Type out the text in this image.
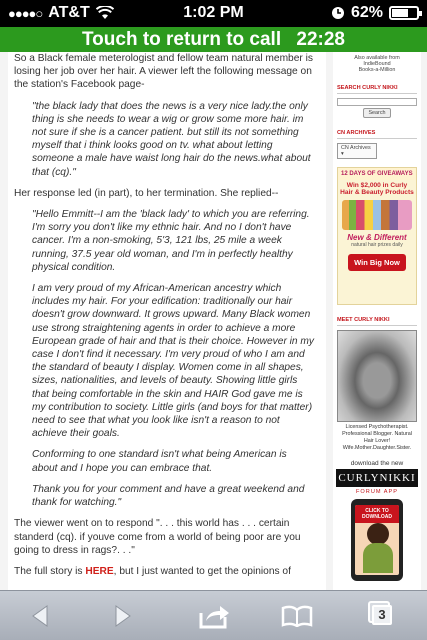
●●●●○ AT&T	1:02 PM	62%
Touch to return to call 22:28

So a Black female meterologist and fellow team natural member is losing her job over her hair. A viewer left the following message on the station's Facebook page-

"the black lady that does the news is a very nice lady.the only thing is she needs to wear a wig or grow some more hair. im not sure if she is a cancer patient. but still its not something myself that i think looks good on tv. what about letting someone a male have waist long hair do the news.what about that (cq)."

Her response led (in part), to her termination. She replied--

"Hello Emmitt--I am the 'black lady' to which you are referring. I'm sorry you don't like my ethnic hair. And no I don't have cancer. I'm a non-smoking, 5'3, 121 lbs, 25 mile a week running, 37.5 year old woman, and I'm in perfectly healthy physical condition.

I am very proud of my African-American ancestry which includes my hair. For your edification: traditionally our hair doesn't grow downward. It grows upward. Many Black women use strong straightening agents in order to achieve a more European grade of hair and that is their choice. However in my case I don't find it necessary. I'm very proud of who I am and the standard of beauty I display. Women come in all shapes, sizes, nationalities, and levels of beauty. Showing little girls that being comfortable in the skin and HAIR God gave me is my contribution to society. Little girls (and boys for that matter) need to see that what you look like isn't a reason to not achieve their goals.

Conforming to one standard isn't what being American is about and I hope you can embrace that.

Thank you for your comment and have a great weekend and thank for watching."

The viewer went on to respond ". . . this world has . . . certain standerd (cq). if youve come from a world of being poor are you going to dress in rags?. . ."

The full story is HERE, but I just wanted to get the opinions of

Also available from
IndieBound
Books-a-Million
SEARCH CURLY NIKKI
Search
CN ARCHIVES
CN Archives ▾
12 DAYS OF GIVEAWAYS
Win $2,000 in Curly Hair & Beauty Products
New & Different
natural hair prizes daily
Win Big Now
MEET CURLY NIKKI
Licensed Psychotherapist. Professional Blogger. Natural Hair Lover! Wife.Mother.Daughter.Sister.
download the new
CURLYNIKKI
FORUM APP
CLICK TO DOWNLOAD
3
